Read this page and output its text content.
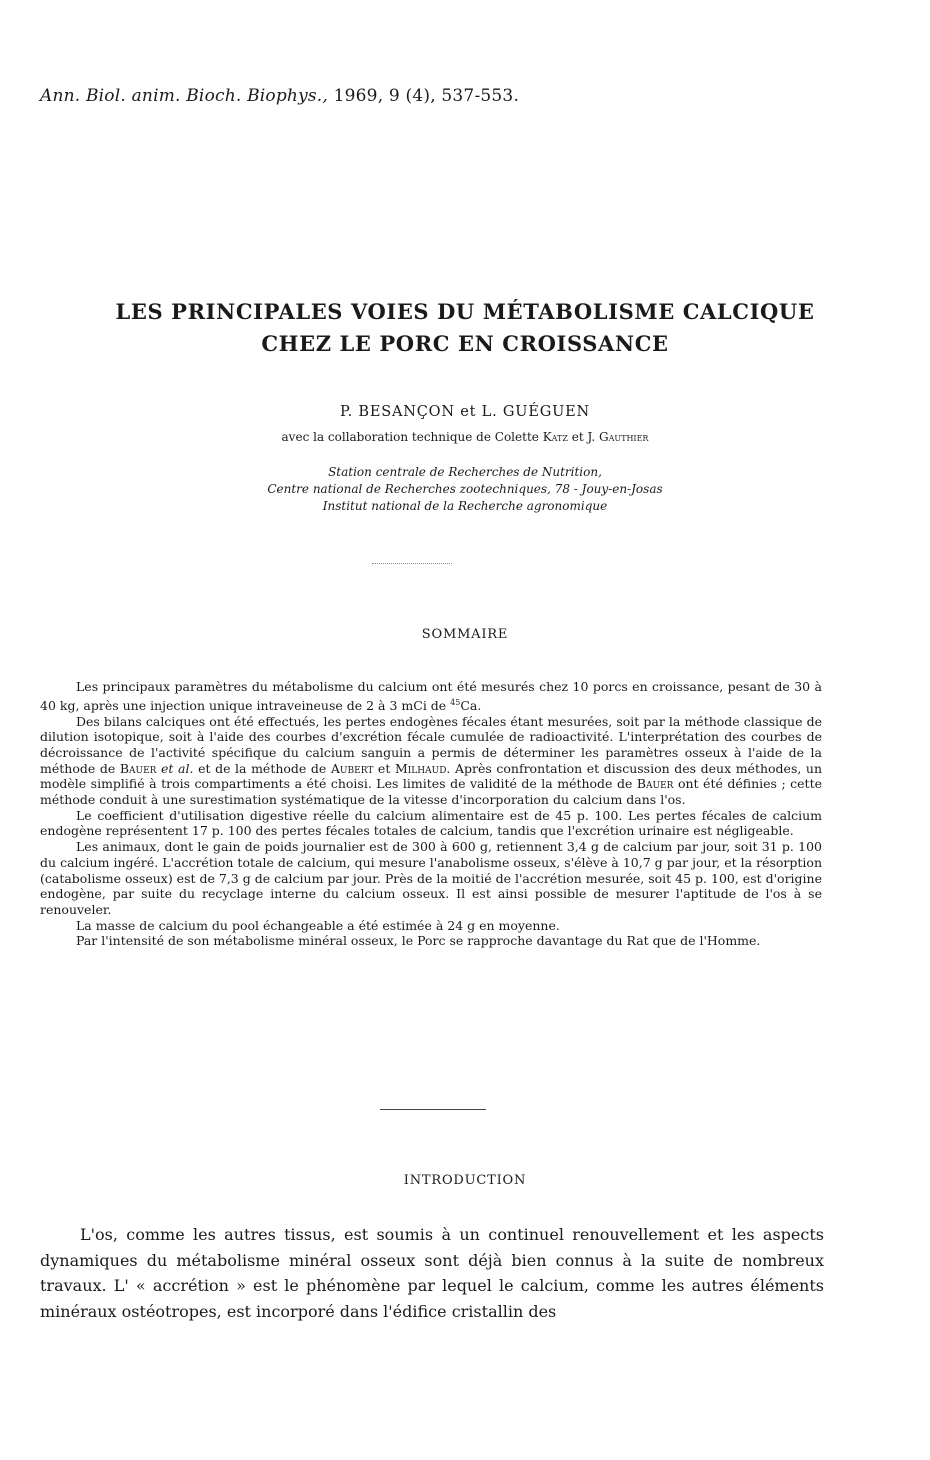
Ann. Biol. anim. Bioch. Biophys., 1969, 9 (4), 537-553.
LES PRINCIPALES VOIES DU MÉTABOLISME CALCIQUE
CHEZ LE PORC EN CROISSANCE
P. BESANÇON et L. GUÉGUEN
avec la collaboration technique de Colette Katz et J. Gauthier
Station centrale de Recherches de Nutrition,
Centre national de Recherches zootechniques, 78 - Jouy-en-Josas
Institut national de la Recherche agronomique
SOMMAIRE

Les principaux paramètres du métabolisme du calcium ont été mesurés chez 10 porcs en croissance, pesant de 30 à 40 kg, après une injection unique intraveineuse de 2 à 3 mCi de $^{45}$Ca.

Des bilans calciques ont été effectués, les pertes endogènes fécales étant mesurées, soit par la méthode classique de dilution isotopique, soit à l'aide des courbes d'excrétion fécale cumulée de radioactivité. L'interprétation des courbes de décroissance de l'activité spécifique du calcium sanguin a permis de déterminer les paramètres osseux à l'aide de la méthode de Bauer et al. et de la méthode de Aubert et Milhaud. Après confrontation et discussion des deux méthodes, un modèle simplifié à trois compartiments a été choisi. Les limites de validité de la méthode de Bauer ont été définies ; cette méthode conduit à une surestimation systématique de la vitesse d'incorporation du calcium dans l'os.

Le coefficient d'utilisation digestive réelle du calcium alimentaire est de 45 p. 100. Les pertes fécales de calcium endogène représentent 17 p. 100 des pertes fécales totales de calcium, tandis que l'excrétion urinaire est négligeable.

Les animaux, dont le gain de poids journalier est de 300 à 600 g, retiennent 3,4 g de calcium par jour, soit 31 p. 100 du calcium ingéré. L'accrétion totale de calcium, qui mesure l'anabolisme osseux, s'élève à 10,7 g par jour, et la résorption (catabolisme osseux) est de 7,3 g de calcium par jour. Près de la moitié de l'accrétion mesurée, soit 45 p. 100, est d'origine endogène, par suite du recyclage interne du calcium osseux. Il est ainsi possible de mesurer l'aptitude de l'os à se renouveler.

La masse de calcium du pool échangeable a été estimée à 24 g en moyenne.

Par l'intensité de son métabolisme minéral osseux, le Porc se rapproche davantage du Rat que de l'Homme.

INTRODUCTION

L'os, comme les autres tissus, est soumis à un continuel renouvellement et les aspects dynamiques du métabolisme minéral osseux sont déjà bien connus à la suite de nombreux travaux. L' « accrétion » est le phénomène par lequel le calcium, comme les autres éléments minéraux ostéotropes, est incorporé dans l'édifice cristallin des
